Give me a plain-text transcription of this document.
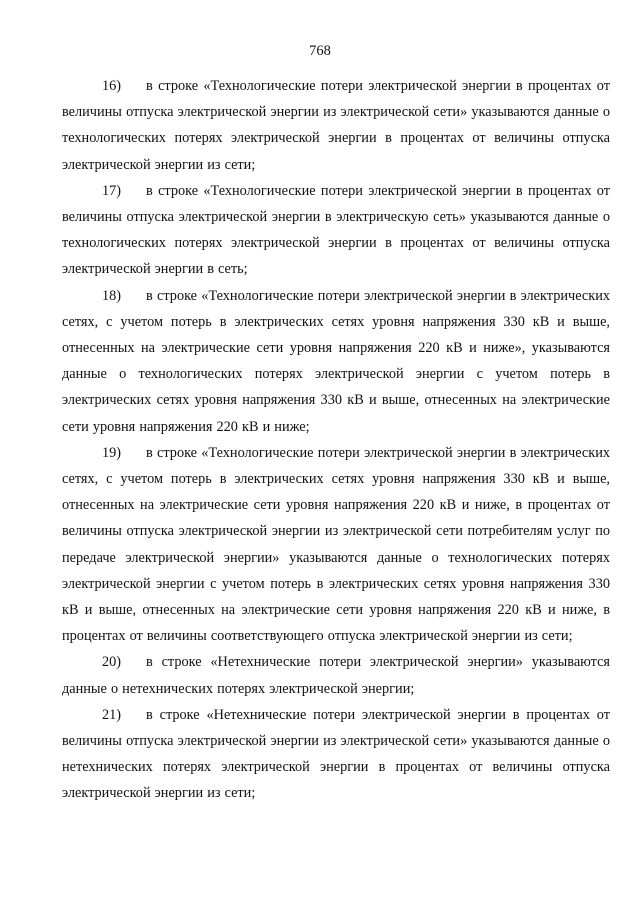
768

16) в строке «Технологические потери электрической энергии в процентах от величины отпуска электрической энергии из электрической сети» указываются данные о технологических потерях электрической энергии в процентах от величины отпуска электрической энергии из сети;

17) в строке «Технологические потери электрической энергии в процентах от величины отпуска электрической энергии в электрическую сеть» указываются данные о технологических потерях электрической энергии в процентах от величины отпуска электрической энергии в сеть;

18) в строке «Технологические потери электрической энергии в электрических сетях, с учетом потерь в электрических сетях уровня напряжения 330 кВ и выше, отнесенных на электрические сети уровня напряжения 220 кВ и ниже», указываются данные о технологических потерях электрической энергии с учетом потерь в электрических сетях уровня напряжения 330 кВ и выше, отнесенных на электрические сети уровня напряжения 220 кВ и ниже;

19) в строке «Технологические потери электрической энергии в электрических сетях, с учетом потерь в электрических сетях уровня напряжения 330 кВ и выше, отнесенных на электрические сети уровня напряжения 220 кВ и ниже, в процентах от величины отпуска электрической энергии из электрической сети потребителям услуг по передаче электрической энергии» указываются данные о технологических потерях электрической энергии с учетом потерь в электрических сетях уровня напряжения 330 кВ и выше, отнесенных на электрические сети уровня напряжения 220 кВ и ниже, в процентах от величины соответствующего отпуска электрической энергии из сети;

20) в строке «Нетехнические потери электрической энергии» указываются данные о нетехнических потерях электрической энергии;

21) в строке «Нетехнические потери электрической энергии в процентах от величины отпуска электрической энергии из электрической сети» указываются данные о нетехнических потерях электрической энергии в процентах от величины отпуска электрической энергии из сети;
